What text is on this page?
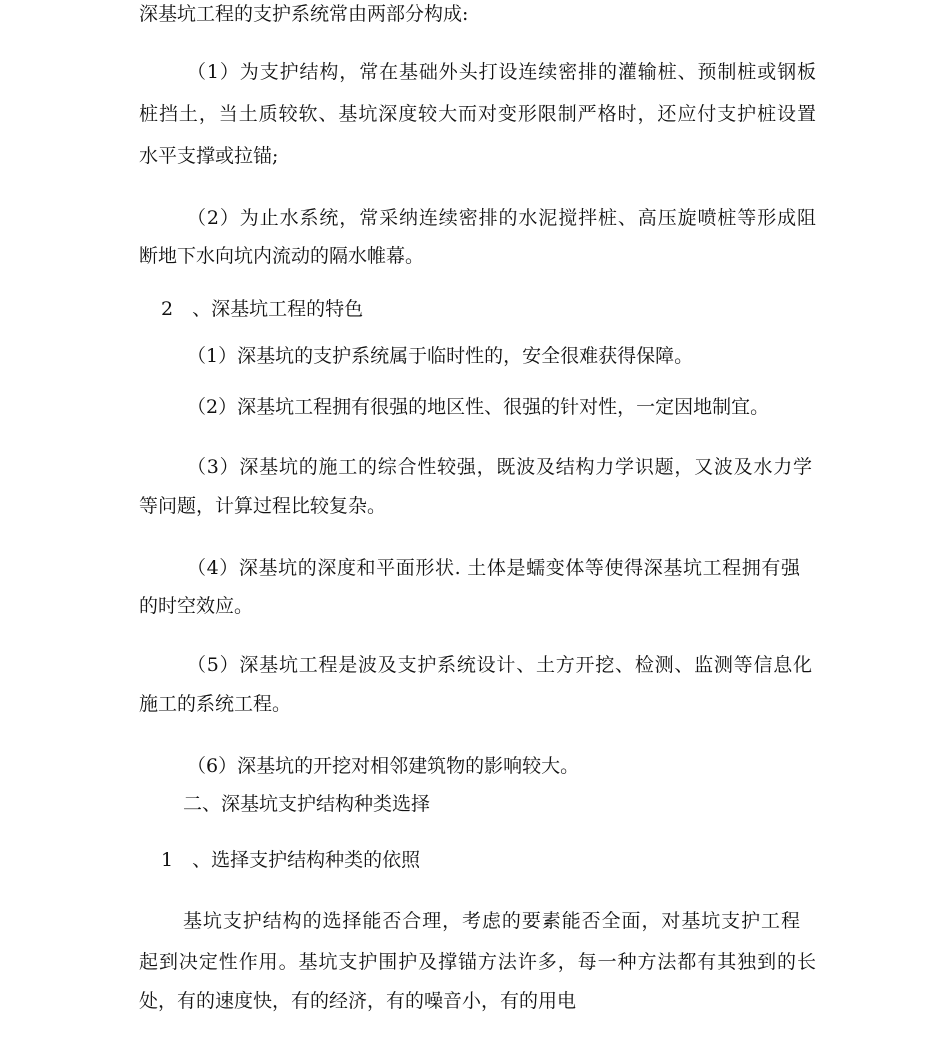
深基坑工程的支护系统常由两部分构成:
（1）为支护结构，常在基础外头打设连续密排的灌输桩、预制桩或钢板
桩挡土，当土质较软、基坑深度较大而对变形限制严格时，还应付支护桩设置
水平支撑或拉锚;
（2）为止水系统，常采纳连续密排的水泥搅拌桩、高压旋喷桩等形成阻
断地下水向坑内流动的隔水帷幕。
2　、深基坑工程的特色
（1）深基坑的支护系统属于临时性的，安全很难获得保障。
（2）深基坑工程拥有很强的地区性、很强的针对性，一定因地制宜。
（3）深基坑的施工的综合性较强，既波及结构力学识题，又波及水力学
等问题，计算过程比较复杂。
（4）深基坑的深度和平面形状. 土体是蠕变体等使得深基坑工程拥有强
的时空效应。
（5）深基坑工程是波及支护系统设计、土方开挖、检测、监测等信息化
施工的系统工程。
（6）深基坑的开挖对相邻建筑物的影响较大。
二、深基坑支护结构种类选择
1　、选择支护结构种类的依照
基坑支护结构的选择能否合理，考虑的要素能否全面，对基坑支护工程
起到决定性作用。基坑支护围护及撑锚方法许多，每一种方法都有其独到的长
处，有的速度快，有的经济，有的噪音小，有的用电
